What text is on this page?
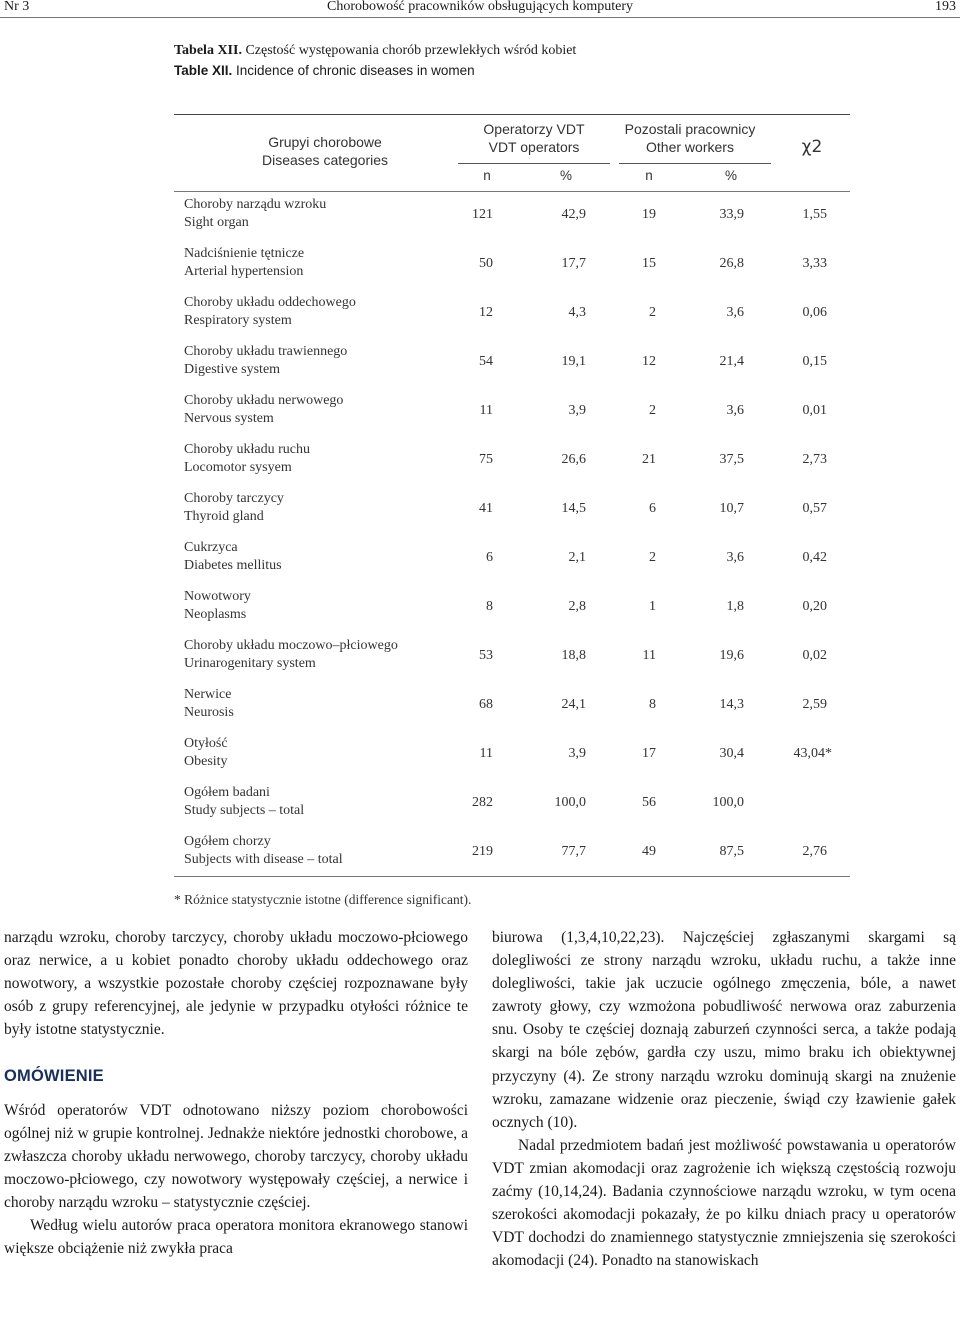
Nr 3	Chorobowość pracowników obsługujących komputery	193
Tabela XII. Częstość występowania chorób przewlekłych wśród kobiet
Table XII. Incidence of chronic diseases in women
Grupyi chorobowe
Diseases categories
Operatorzy VDT
VDT operators
Pozostali pracownicy
Other workers	χ2
n	%	n	%
Choroby narządu wzroku
Sight organ
121	42,9	19	33,9	1,55
Nadciśnienie tętnicze
Arterial hypertension
50	17,7	15	26,8	3,33
Choroby układu oddechowego
Respiratory system
12	4,3	2	3,6	0,06
Choroby układu trawiennego
Digestive system
54	19,1	12	21,4	0,15
Choroby układu nerwowego
Nervous system
11	3,9	2	3,6	0,01
Choroby układu ruchu
Locomotor sysyem
75	26,6	21	37,5	2,73
Choroby tarczycy
Thyroid gland
41	14,5	6	10,7	0,57
Cukrzyca
Diabetes mellitus
6	2,1	2	3,6	0,42
Nowotwory
Neoplasms
8	2,8	1	1,8	0,20
Choroby układu moczowo–płciowego
Urinarogenitary system
53	18,8	11	19,6	0,02
Nerwice
Neurosis
68	24,1	8	14,3	2,59
Otyłość
Obesity
11	3,9	17	30,4	43,04*
Ogółem badani
Study subjects – total
282	100,0	56	100,0
Ogółem chorzy
Subjects with disease – total
219	77,7	49	87,5	2,76
* Różnice statystycznie istotne (difference significant).

narządu wzroku, choroby tarczycy, choroby układu moczowo-płciowego oraz nerwice, a u kobiet ponadto choroby układu oddechowego oraz nowotwory, a wszystkie pozostałe choroby częściej rozpoznawane były osób z grupy referencyjnej, ale jedynie w przypadku otyłości różnice te były istotne statystycznie.

OMÓWIENIE

Wśród operatorów VDT odnotowano niższy poziom chorobowości ogólnej niż w grupie kontrolnej. Jednakże niektóre jednostki chorobowe, a zwłaszcza choroby układu nerwowego, choroby tarczycy, choroby układu moczowo-płciowego, czy nowotwory występowały częściej, a nerwice i choroby narządu wzroku – statystycznie częściej.

Według wielu autorów praca operatora monitora ekranowego stanowi większe obciążenie niż zwykła praca

biurowa (1,3,4,10,22,23). Najczęściej zgłaszanymi skargami są dolegliwości ze strony narządu wzroku, układu ruchu, a także inne dolegliwości, takie jak uczucie ogólnego zmęczenia, bóle, a nawet zawroty głowy, czy wzmożona pobudliwość nerwowa oraz zaburzenia snu. Osoby te częściej doznają zaburzeń czynności serca, a także podają skargi na bóle zębów, gardła czy uszu, mimo braku ich obiektywnej przyczyny (4). Ze strony narządu wzroku dominują skargi na znużenie wzroku, zamazane widzenie oraz pieczenie, świąd czy łzawienie gałek ocznych (10).

Nadal przedmiotem badań jest możliwość powstawania u operatorów VDT zmian akomodacji oraz zagrożenie ich większą częstością rozwoju zaćmy (10,14,24). Badania czynnościowe narządu wzroku, w tym ocena szerokości akomodacji pokazały, że po kilku dniach pracy u operatorów VDT dochodzi do znamiennego statystycznie zmniejszenia się szerokości akomodacji (24). Ponadto na stanowiskach
